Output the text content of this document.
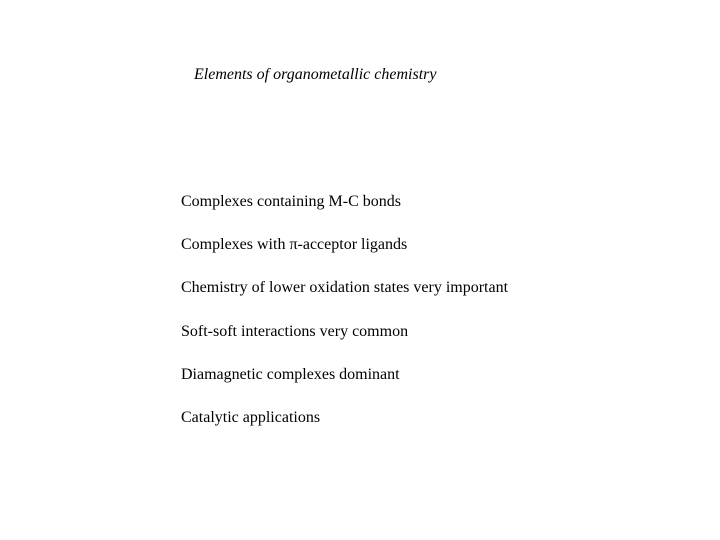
Elements of organometallic chemistry
Complexes containing M-C bonds
Complexes with π-acceptor ligands
Chemistry of lower oxidation states very important
Soft-soft interactions very common
Diamagnetic complexes dominant
Catalytic applications
